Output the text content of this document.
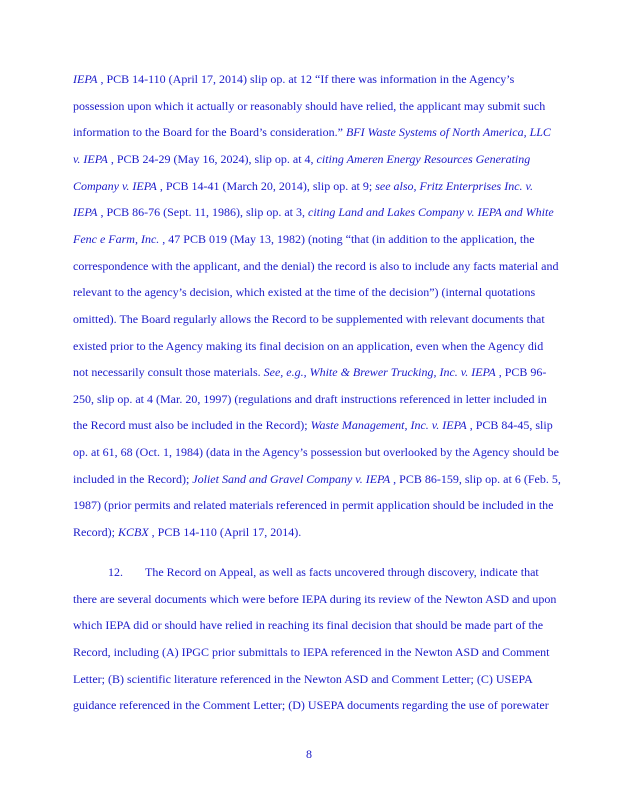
IEPA , PCB 14-110 (April 17, 2014) slip op. at 12 “If there was information in the Agency’s
possession upon which it actually or reasonably should have relied, the applicant may submit such
information to the Board for the Board’s consideration.” BFI Waste Systems of North America, LLC
v. IEPA , PCB 24-29 (May 16, 2024), slip op. at 4, citing Ameren Energy Resources Generating
Company v. IEPA , PCB 14-41 (March 20, 2014), slip op. at 9; see also, Fritz Enterprises Inc. v.
IEPA , PCB 86-76 (Sept. 11, 1986), slip op. at 3, citing Land and Lakes Company v. IEPA and White
Fenc e Farm, Inc. , 47 PCB 019 (May 13, 1982) (noting “that (in addition to the application, the
correspondence with the applicant, and the denial) the record is also to include any facts material and
relevant to the agency’s decision, which existed at the time of the decision”) (internal quotations
omitted). The Board regularly allows the Record to be supplemented with relevant documents that
existed prior to the Agency making its final decision on an application, even when the Agency did
not necessarily consult those materials. See, e.g., White & Brewer Trucking, Inc. v. IEPA , PCB 96-
250, slip op. at 4 (Mar. 20, 1997) (regulations and draft instructions referenced in letter included in
the Record must also be included in the Record); Waste Management, Inc. v. IEPA , PCB 84-45, slip
op. at 61, 68 (Oct. 1, 1984) (data in the Agency’s possession but overlooked by the Agency should be
included in the Record); Joliet Sand and Gravel Company v. IEPA , PCB 86-159, slip op. at 6 (Feb. 5,
1987) (prior permits and related materials referenced in permit application should be included in the
Record); KCBX , PCB 14-110 (April 17, 2014).
12. The Record on Appeal, as well as facts uncovered through discovery, indicate that
there are several documents which were before IEPA during its review of the Newton ASD and upon
which IEPA did or should have relied in reaching its final decision that should be made part of the
Record, including (A) IPGC prior submittals to IEPA referenced in the Newton ASD and Comment
Letter; (B) scientific literature referenced in the Newton ASD and Comment Letter; (C) USEPA
guidance referenced in the Comment Letter; (D) USEPA documents regarding the use of porewater
8
